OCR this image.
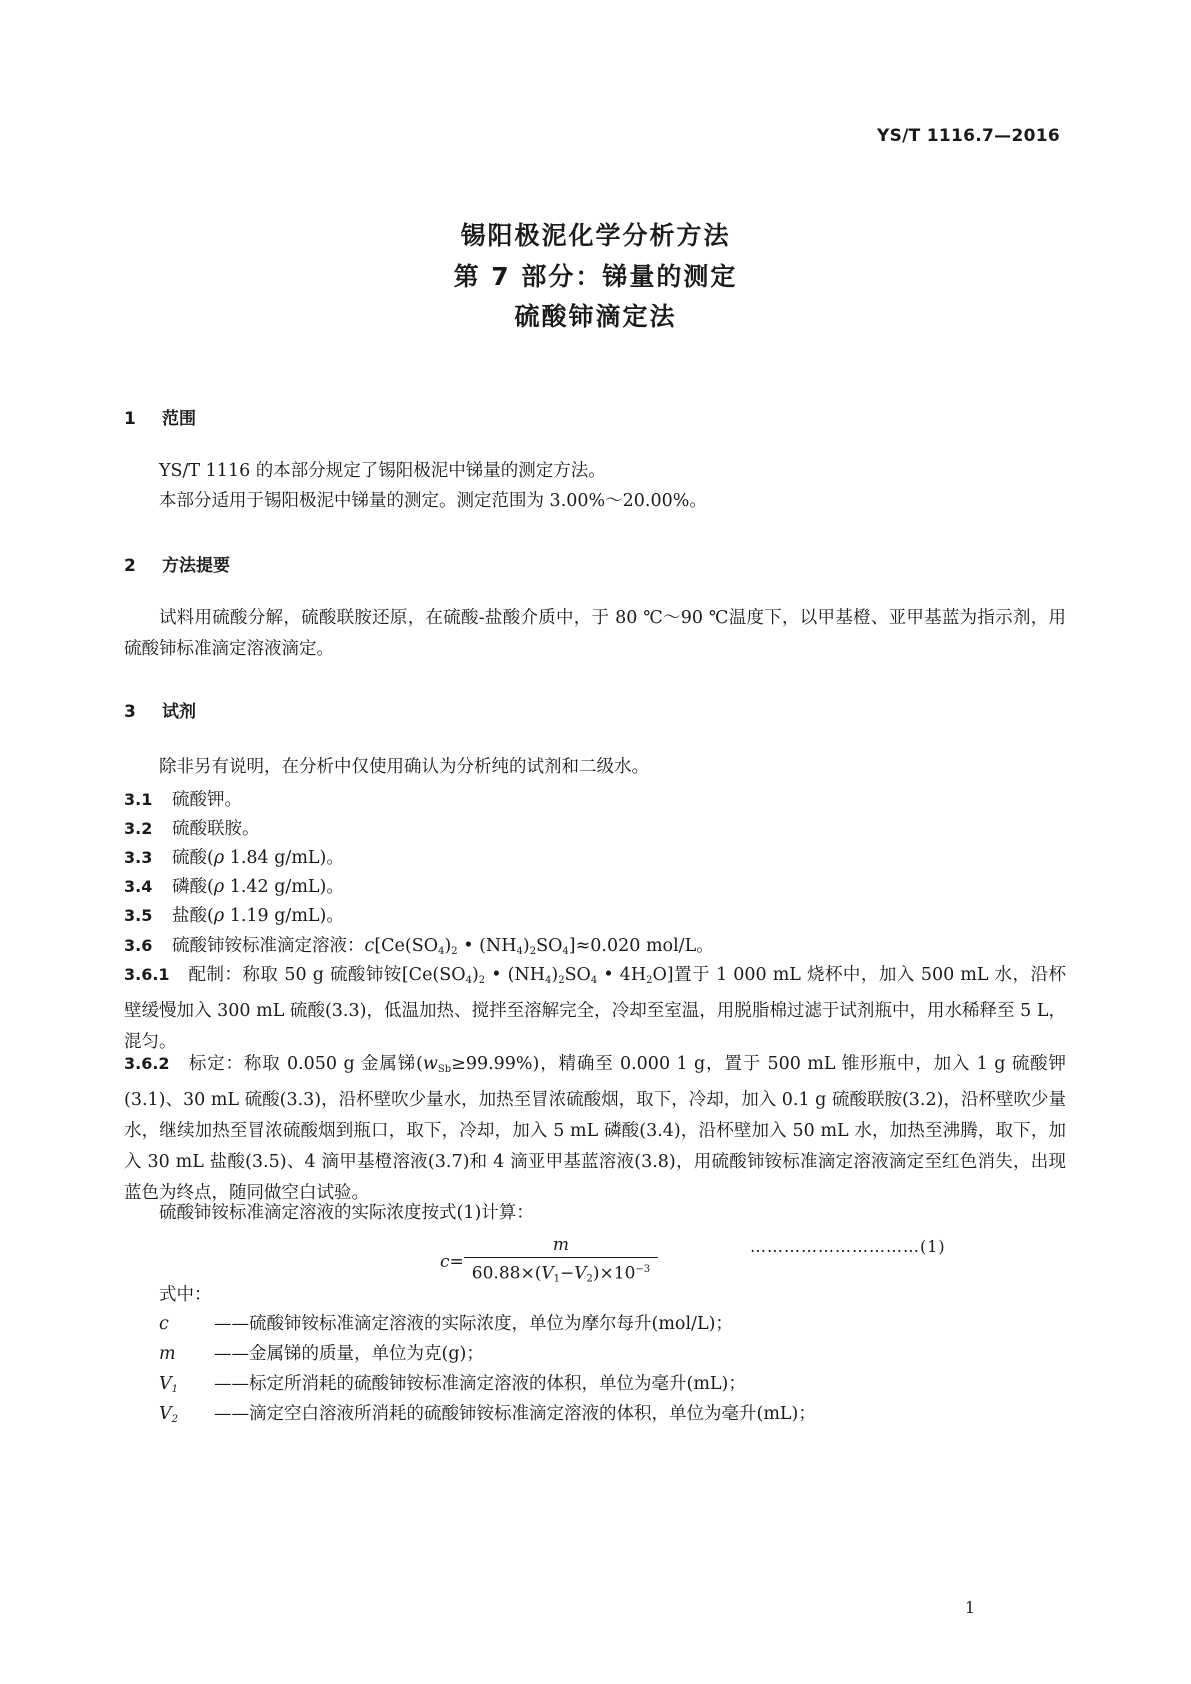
YS/T 1116.7—2016
锡阳极泥化学分析方法
第 7 部分：锑量的测定
硫酸铈滴定法
1 范围
YS/T 1116 的本部分规定了锡阳极泥中锑量的测定方法。
本部分适用于锡阳极泥中锑量的测定。测定范围为 3.00%～20.00%。
2 方法提要
试料用硫酸分解，硫酸联胺还原，在硫酸-盐酸介质中，于 80 ℃～90 ℃温度下，以甲基橙、亚甲基蓝为指示剂，用硫酸铈标准滴定溶液滴定。
3 试剂
除非另有说明，在分析中仅使用确认为分析纯的试剂和二级水。
3.1 硫酸钾。
3.2 硫酸联胺。
3.3 硫酸(ρ 1.84 g/mL)。
3.4 磷酸(ρ 1.42 g/mL)。
3.5 盐酸(ρ 1.19 g/mL)。
3.6 硫酸铈铵标准滴定溶液：$c[Ce(SO_4)_2$ • $(NH_4)_2SO_4]\approx 0.020$ mol/L。
3.6.1 配制：称取 50 g 硫酸铈铵[$Ce(SO_4)_2$ • $(NH_4)_2SO_4$ • $4H_2O$]置于 1 000 mL 烧杯中，加入 500 mL 水，沿杯壁缓慢加入 300 mL 硫酸(3.3)，低温加热、搅拌至溶解完全，冷却至室温，用脱脂棉过滤于试剂瓶中，用水稀释至 5 L，混匀。
3.6.2 标定：称取 0.050 g 金属锑$(w_{Sb}\ge 99.99\%)$，精确至 0.000 1 g，置于 500 mL 锥形瓶中，加入 1 g 硫酸钾(3.1)、30 mL 硫酸(3.3)，沿杯壁吹少量水，加热至冒浓硫酸烟，取下，冷却，加入 0.1 g 硫酸联胺(3.2)，沿杯壁吹少量水，继续加热至冒浓硫酸烟到瓶口，取下，冷却，加入 5 mL 磷酸(3.4)，沿杯壁加入 50 mL 水，加热至沸腾，取下，加入 30 mL 盐酸(3.5)、4 滴甲基橙溶液(3.7)和 4 滴亚甲基蓝溶液(3.8)，用硫酸铈铵标准滴定溶液滴定至红色消失，出现蓝色为终点，随同做空白试验。
硫酸铈铵标准滴定溶液的实际浓度按式(1)计算：
$c= \frac{m}{60.88\times(V_1-V_2)\times 10^{-3}}$	…………………………(1)
式中：
c	——硫酸铈铵标准滴定溶液的实际浓度，单位为摩尔每升(mol/L)；
m ——金属锑的质量，单位为克(g)；
$V_1$ ——标定所消耗的硫酸铈铵标准滴定溶液的体积，单位为毫升(mL)；
$V_2$ ——滴定空白溶液所消耗的硫酸铈铵标准滴定溶液的体积，单位为毫升(mL)；
1
